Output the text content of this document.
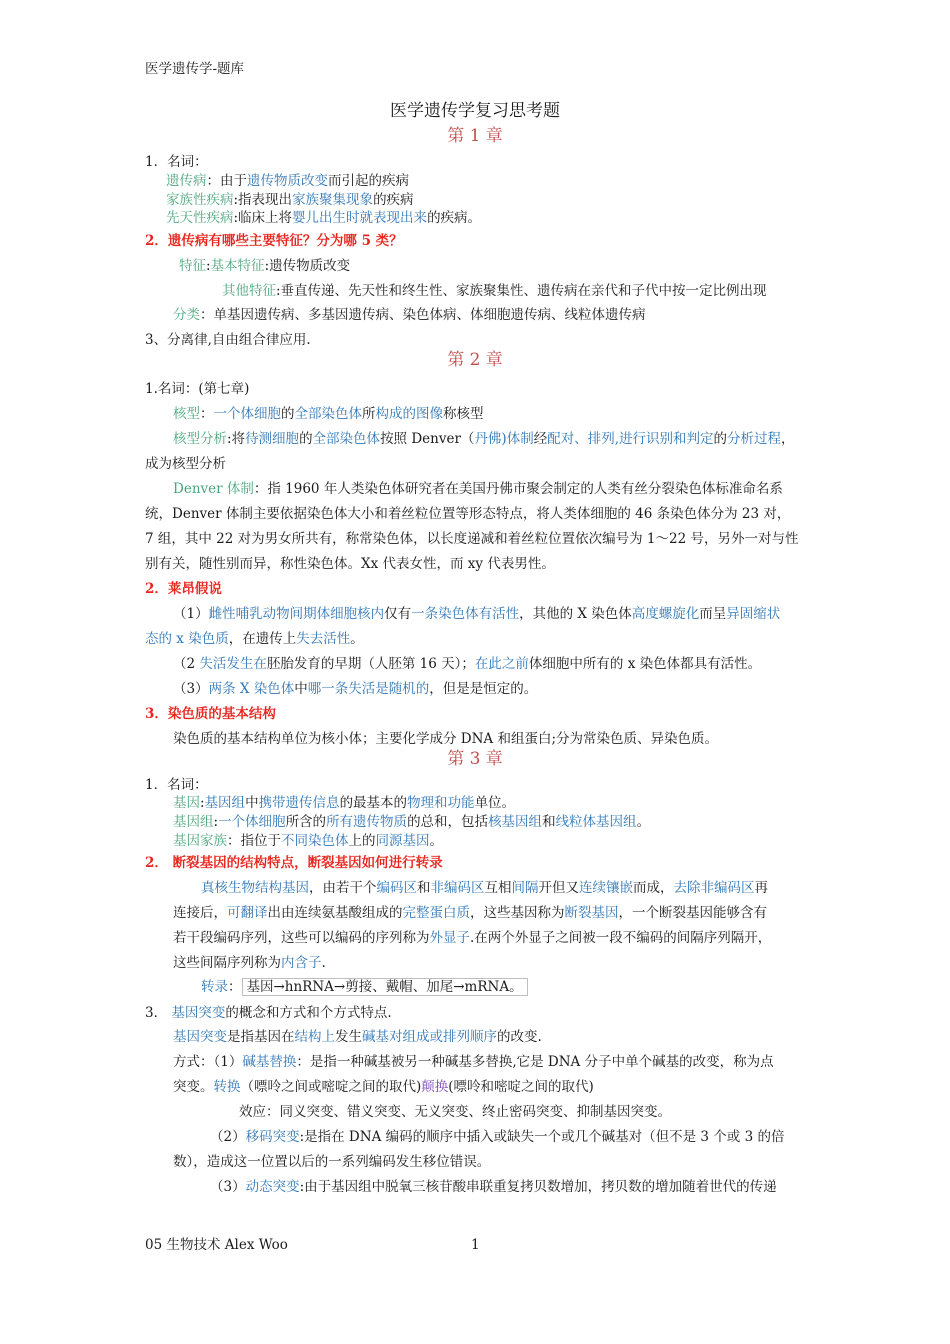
医学遗传学-题库
医学遗传学复习思考题
第 1 章
1．名词：
遗传病：由于遗传物质改变而引起的疾病
家族性疾病:指表现出家族聚集现象的疾病
先天性疾病:临床上将婴儿出生时就表现出来的疾病。
2．遗传病有哪些主要特征？分为哪 5 类？
特征:基本特征:遗传物质改变
其他特征:垂直传递、先天性和终生性、家族聚集性、遗传病在亲代和子代中按一定比例出现
分类：单基因遗传病、多基因遗传病、染色体病、体细胞遗传病、线粒体遗传病
3、分离律,自由组合律应用.
第 2 章
1.名词：(第七章)
核型：一个体细胞的全部染色体所构成的图像称核型
核型分析:将待测细胞的全部染色体按照 Denver（丹佛)体制经配对、排列,进行识别和判定的分析过程，
成为核型分析
Denver 体制：指 1960 年人类染色体研究者在美国丹佛市聚会制定的人类有丝分裂染色体标准命名系
统，Denver 体制主要依据染色体大小和着丝粒位置等形态特点，将人类体细胞的 46 条染色体分为 23 对，
7 组，其中 22 对为男女所共有，称常染色体，以长度递减和着丝粒位置依次编号为 1～22 号，另外一对与性
别有关，随性别而异，称性染色体。Xx 代表女性，而 xy 代表男性。
2．莱昂假说
（1）雌性哺乳动物间期体细胞核内仅有一条染色体有活性，其他的 X 染色体高度螺旋化而呈异固缩状
态的 x 染色质，在遗传上失去活性。
（2 失活发生在胚胎发育的早期（人胚第 16 天）；在此之前体细胞中所有的 x 染色体都具有活性。
（3）两条 X 染色体中哪一条失活是随机的，但是是恒定的。
3．染色质的基本结构
染色质的基本结构单位为核小体；主要化学成分 DNA 和组蛋白;分为常染色质、异染色质。
第 3 章
1．名词：
基因:基因组中携带遗传信息的最基本的物理和功能单位。
基因组:一个体细胞所含的所有遗传物质的总和，包括核基因组和线粒体基因组。
基因家族：指位于不同染色体上的同源基因。
2． 断裂基因的结构特点，断裂基因如何进行转录
真核生物结构基因，由若干个编码区和非编码区互相间隔开但又连续镶嵌而成，去除非编码区再
连接后，可翻译出由连续氨基酸组成的完整蛋白质，这些基因称为断裂基因，一个断裂基因能够含有
若干段编码序列，这些可以编码的序列称为外显子.在两个外显子之间被一段不编码的间隔序列隔开，
这些间隔序列称为内含子.
转录： 基因→hnRNA→剪接、戴帽、加尾→mRNA。
3． 基因突变的概念和方式和个方式特点.
基因突变是指基因在结构上发生碱基对组成或排列顺序的改变.
方式：（1）碱基替换：是指一种碱基被另一种碱基多替换,它是 DNA 分子中单个碱基的改变，称为点
突变。转换（嘌呤之间或嘧啶之间的取代)颠换(嘌呤和嘧啶之间的取代)
效应：同义突变、错义突变、无义突变、终止密码突变、抑制基因突变。
（2）移码突变:是指在 DNA 编码的顺序中插入或缺失一个或几个碱基对（但不是 3 个或 3 的倍
数），造成这一位置以后的一系列编码发生移位错误。
（3）动态突变:由于基因组中脱氧三核苷酸串联重复拷贝数增加，拷贝数的增加随着世代的传递
05 生物技术 Alex Woo	1
